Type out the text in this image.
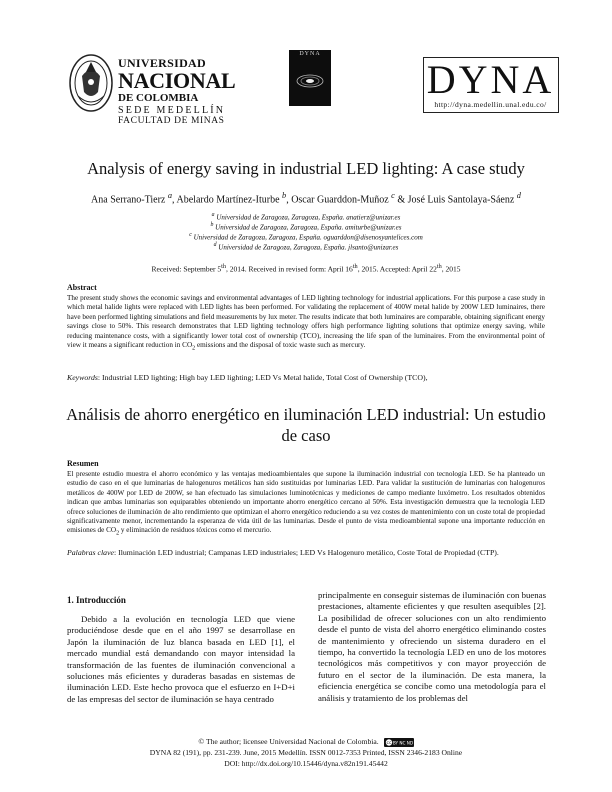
UNIVERSIDAD
NACIONAL
DE COLOMBIA
SEDE MEDELLÍN
FACULTAD DE MINAS
DYNA
DYNA
http://dyna.medellin.unal.edu.co/
Analysis of energy saving in industrial LED lighting: A case study
Ana Serrano-Tierz $^a$, Abelardo Martínez-Iturbe $^b$, Oscar Guarddon-Muñoz $^c$ & José Luis Santolaya-Sáenz $^d$
$^a$ Universidad de Zaragoza, Zaragoza, España. anatierz@unizar.es
$^b$ Universidad de Zaragoza, Zaragoza, España. amiturbe@unizar.es
$^c$ Universidad de Zaragoza, Zaragoza, España. oguarddon@disenosyantelices.com
$^d$ Universidad de Zaragoza, Zaragoza, España. jlsanto@unizar.es
Received: September 5th, 2014. Received in revised form: April 16th, 2015. Accepted: April 22th, 2015
Abstract
The present study shows the economic savings and environmental advantages of LED lighting technology for industrial applications. For this purpose a case study in which metal halide lights were replaced with LED lights has been performed. For validating the replacement of 400W metal halide by 200W LED luminaires, there have been performed lighting simulations and field measurements by lux meter. The results indicate that both luminaires are comparable, obtaining significant energy savings close to 50%. This research demonstrates that LED lighting technology offers high performance lighting solutions that optimize energy saving, while reducing maintenance costs, with a significantly lower total cost of ownership (TCO), increasing the life span of the luminaires. From the environmental point of view it means a significant reduction in $CO_2$ emissions and the disposal of toxic waste such as mercury.
Keywords: Industrial LED lighting; High bay LED lighting; LED Vs Metal halide, Total Cost of Ownership (TCO),
Análisis de ahorro energético en iluminación LED industrial: Un estudio de caso
Resumen
El presente estudio muestra el ahorro económico y las ventajas medioambientales que supone la iluminación industrial con tecnología LED. Se ha planteado un estudio de caso en el que luminarias de halogenuros metálicos han sido sustituidas por luminarias LED. Para validar la sustitución de luminarias con halogenuros metálicos de 400W por LED de 200W, se han efectuado las simulaciones luminotécnicas y mediciones de campo mediante luxómetro. Los resultados obtenidos indican que ambas luminarias son equiparables obteniendo un importante ahorro energético cercano al 50%. Esta investigación demuestra que la tecnología LED ofrece soluciones de iluminación de alto rendimiento que optimizan el ahorro energético reduciendo a su vez costes de mantenimiento con un coste total de propiedad significativamente menor, incrementando la esperanza de vida útil de las luminarias. Desde el punto de vista medioambiental supone una importante reducción en emisiones de $CO_2$ y eliminación de residuos tóxicos como el mercurio.
Palabras clave: Iluminación LED industrial; Campanas LED industriales; LED Vs Halogenuro metálico, Coste Total de Propiedad (CTP).
1. Introducción

Debido a la evolución en tecnología LED que viene produciéndose desde que en el año 1997 se desarrollase en Japón la iluminación de luz blanca basada en LED [1], el mercado mundial está demandando con mayor intensidad la transformación de las fuentes de iluminación convencional a soluciones más eficientes y duraderas basadas en sistemas de iluminación LED. Este hecho provoca que el esfuerzo en I+D+i de las empresas del sector de iluminación se haya centrado

principalmente en conseguir sistemas de iluminación con buenas prestaciones, altamente eficientes y que resulten asequibles [2]. La posibilidad de ofrecer soluciones con un alto rendimiento desde el punto de vista del ahorro energético eliminando costes de mantenimiento y ofreciendo un sistema duradero en el tiempo, ha convertido la tecnología LED en uno de los motores tecnológicos más competitivos y con mayor proyección de futuro en el sector de la iluminación. De esta manera, la eficiencia energética se concibe como una metodología para el análisis y tratamiento de los problemas del

© The author; licensee Universidad Nacional de Colombia. cc BY NC ND
DYNA 82 (191), pp. 231-239. June, 2015 Medellín. ISSN 0012-7353 Printed, ISSN 2346-2183 Online
DOI: http://dx.doi.org/10.15446/dyna.v82n191.45442
